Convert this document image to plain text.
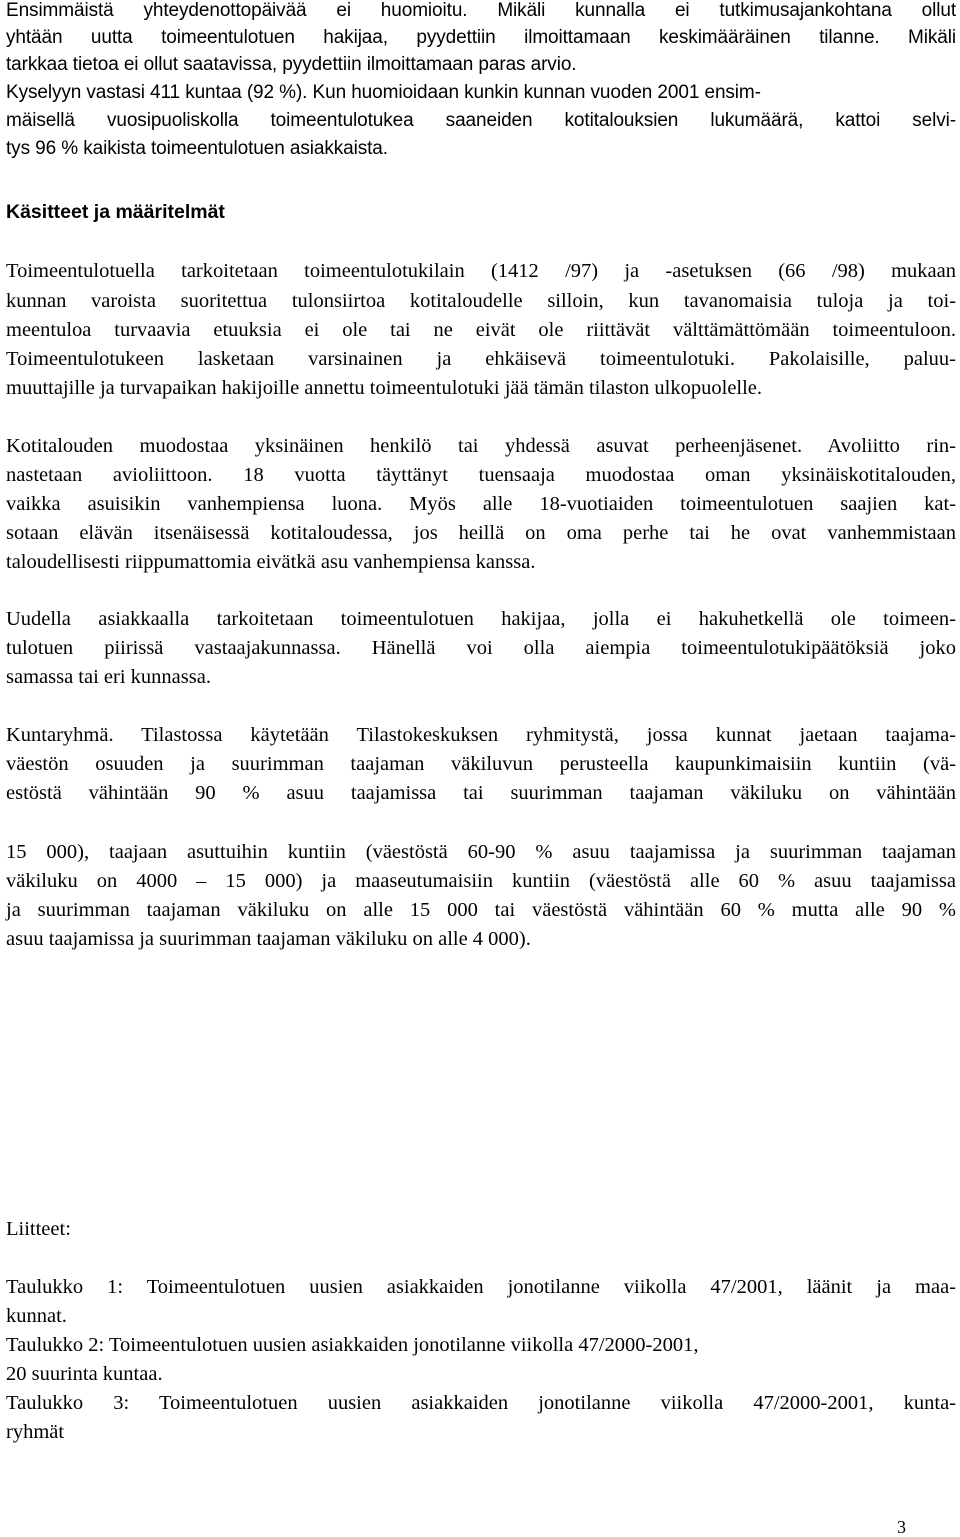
Ensimmäistä yhteydenottopäivää ei huomioitu. Mikäli kunnalla ei tutkimusajankohtana ollut
yhtään uutta toimeentulotuen hakijaa, pyydettiin ilmoittamaan keskimääräinen tilanne. Mikäli
tarkkaa tietoa ei ollut saatavissa, pyydettiin ilmoittamaan paras arvio.
Kyselyyn vastasi 411 kuntaa (92 %). Kun huomioidaan kunkin kunnan vuoden 2001 ensim-
mäisellä vuosipuoliskolla toimeentulotukea saaneiden kotitalouksien lukumäärä, kattoi selvi-
tys 96 % kaikista toimeentulotuen asiakkaista.
Käsitteet ja määritelmät
Toimeentulotuella tarkoitetaan toimeentulotukilain (1412 /97) ja -asetuksen (66 /98) mukaan
kunnan varoista suoritettua tulonsiirtoa kotitaloudelle silloin, kun tavanomaisia tuloja ja toi-
meentuloa turvaavia etuuksia ei ole tai ne eivät ole riittävät välttämättömään toimeentuloon.
Toimeentulotukeen lasketaan varsinainen ja ehkäisevä toimeentulotuki. Pakolaisille, paluu-
muuttajille ja turvapaikan hakijoille annettu toimeentulotuki jää tämän tilaston ulkopuolelle.
Kotitalouden muodostaa yksinäinen henkilö tai yhdessä asuvat perheenjäsenet. Avoliitto rin-
nastetaan avioliittoon. 18 vuotta täyttänyt tuensaaja muodostaa oman yksinäiskotitalouden,
vaikka asuisikin vanhempiensa luona. Myös alle 18-vuotiaiden toimeentulotuen saajien kat-
sotaan elävän itsenäisessä kotitaloudessa, jos heillä on oma perhe tai he ovat vanhemmistaan
taloudellisesti riippumattomia eivätkä asu vanhempiensa kanssa.
Uudella asiakkaalla tarkoitetaan toimeentulotuen hakijaa, jolla ei hakuhetkellä ole toimeen-
tulotuen piirissä vastaajakunnassa. Hänellä voi olla aiempia toimeentulotukipäätöksiä joko
samassa tai eri kunnassa.
Kuntaryhmä. Tilastossa käytetään Tilastokeskuksen ryhmitystä, jossa kunnat jaetaan taajama-
väestön osuuden ja suurimman taajaman väkiluvun perusteella kaupunkimaisiin kuntiin (vä-
estöstä vähintään 90 % asuu taajamissa tai suurimman taajaman väkiluku on vähintään
15 000), taajaan asuttuihin kuntiin (väestöstä 60-90 % asuu taajamissa ja suurimman taajaman
väkiluku on 4000 – 15 000) ja maaseutumaisiin kuntiin (väestöstä alle 60 % asuu taajamissa
ja suurimman taajaman väkiluku on alle 15 000 tai väestöstä vähintään 60 % mutta alle 90 %
asuu taajamissa ja suurimman taajaman väkiluku on alle 4 000).
Liitteet:
Taulukko 1: Toimeentulotuen uusien asiakkaiden jonotilanne viikolla 47/2001, läänit ja maa-
kunnat.
Taulukko 2: Toimeentulotuen uusien asiakkaiden jonotilanne viikolla 47/2000-2001,
20 suurinta kuntaa.
Taulukko 3: Toimeentulotuen uusien asiakkaiden jonotilanne viikolla 47/2000-2001, kunta-
ryhmät
3
